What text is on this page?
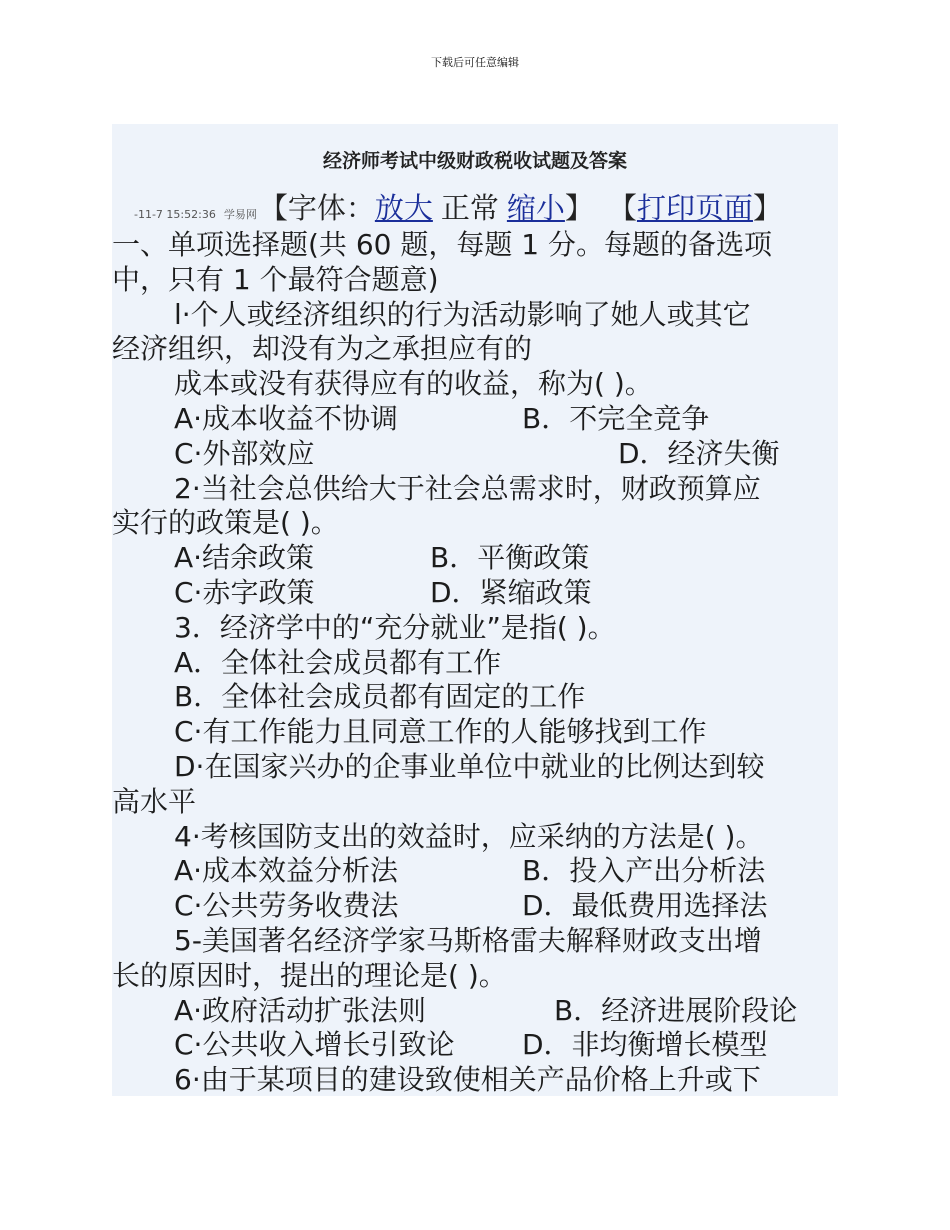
下载后可任意编辑
经济师考试中级财政税收试题及答案
-11-7 15:52:36 学易网 【字体： 放大 正常 缩小 】 【 打印页面 】
一、单项选择题(共 60 题，每题 1 分。每题的备选项
中，只有 1 个最符合题意)
l·个人或经济组织的行为活动影响了她人或其它
经济组织，却没有为之承担应有的
成本或没有获得应有的收益，称为( )。
A·成本收益不协调	B．不完全竞争
C·外部效应	D．经济失衡
2·当社会总供给大于社会总需求时，财政预算应
实行的政策是( )。
A·结余政策	B．平衡政策
C·赤字政策	D．紧缩政策
3．经济学中的“充分就业”是指( )。
A．全体社会成员都有工作
B．全体社会成员都有固定的工作
C·有工作能力且同意工作的人能够找到工作
D·在国家兴办的企事业单位中就业的比例达到较
高水平
4·考核国防支出的效益时，应采纳的方法是( )。
A·成本效益分析法	B．投入产出分析法
C·公共劳务收费法	D．最低费用选择法
5-美国著名经济学家马斯格雷夫解释财政支出增
长的原因时，提出的理论是( )。
A·政府活动扩张法则	B．经济进展阶段论
C·公共收入增长引致论 D．非均衡增长模型
6·由于某项目的建设致使相关产品价格上升或下
